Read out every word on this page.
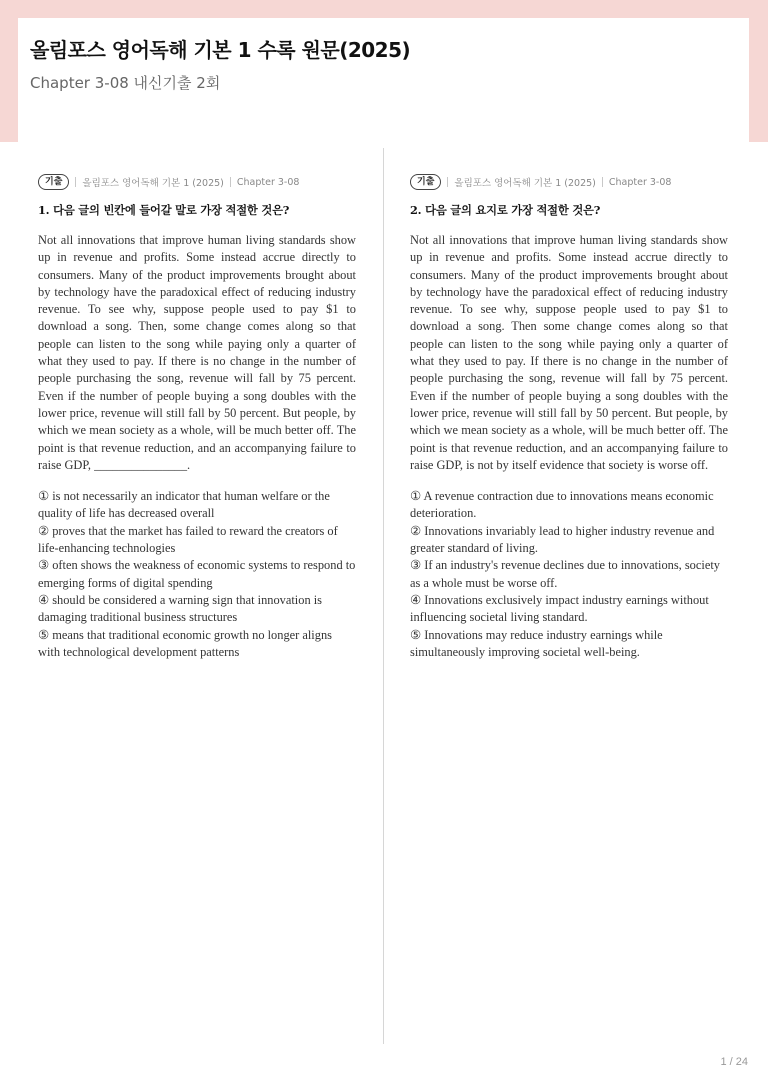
올림포스 영어독해 기본 1 수록 원문(2025)
Chapter 3-08 내신기출 2회
기출	올림포스 영어독해 기본 1 (2025) Chapter 3-08
1. 다음 글의 빈칸에 들어갈 말로 가장 적절한 것은?
Not all innovations that improve human living standards show up in revenue and profits. Some instead accrue directly to consumers. Many of the product improvements brought about by technology have the paradoxical effect of reducing industry revenue. To see why, suppose people used to pay $1 to download a song. Then, some change comes along so that people can listen to the song while paying only a quarter of what they used to pay. If there is no change in the number of people purchasing the song, revenue will fall by 75 percent. Even if the number of people buying a song doubles with the lower price, revenue will still fall by 50 percent. But people, by which we mean society as a whole, will be much better off. The point is that revenue reduction, and an accompanying failure to raise GDP, _______________.
① is not necessarily an indicator that human welfare or the quality of life has decreased overall
② proves that the market has failed to reward the creators of life-enhancing technologies
③ often shows the weakness of economic systems to respond to emerging forms of digital spending
④ should be considered a warning sign that innovation is damaging traditional business structures
⑤ means that traditional economic growth no longer aligns with technological development patterns
기출	올림포스 영어독해 기본 1 (2025) Chapter 3-08
2. 다음 글의 요지로 가장 적절한 것은?
Not all innovations that improve human living standards show up in revenue and profits. Some instead accrue directly to consumers. Many of the product improvements brought about by technology have the paradoxical effect of reducing industry revenue. To see why, suppose people used to pay $1 to download a song. Then some change comes along so that people can listen to the song while paying only a quarter of what they used to pay. If there is no change in the number of people purchasing the song, revenue will fall by 75 percent. Even if the number of people buying a song doubles with the lower price, revenue will still fall by 50 percent. But people, by which we mean society as a whole, will be much better off. The point is that revenue reduction, and an accompanying failure to raise GDP, is not by itself evidence that society is worse off.
① A revenue contraction due to innovations means economic deterioration.
② Innovations invariably lead to higher industry revenue and greater standard of living.
③ If an industry's revenue declines due to innovations, society as a whole must be worse off.
④ Innovations exclusively impact industry earnings without influencing societal living standard.
⑤ Innovations may reduce industry earnings while simultaneously improving societal well-being.
1 / 24
